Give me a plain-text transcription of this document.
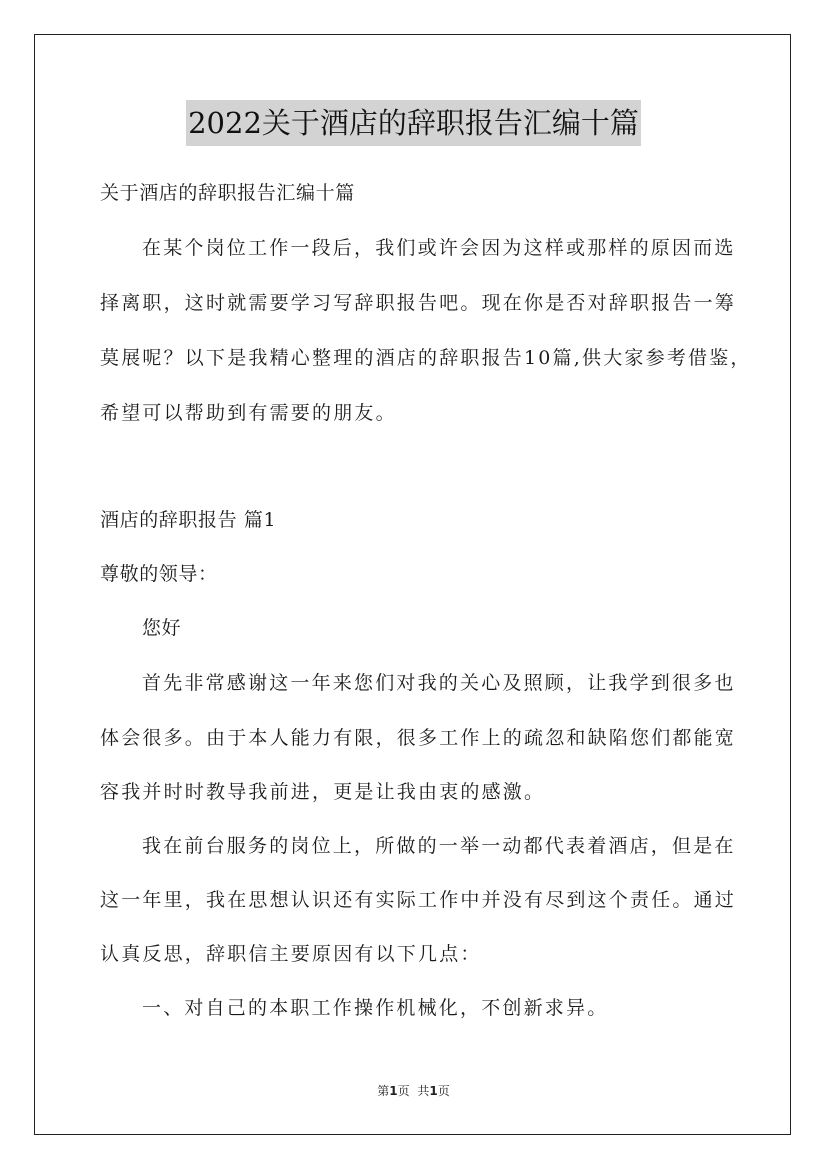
2022关于酒店的辞职报告汇编十篇
关于酒店的辞职报告汇编十篇
在某个岗位工作一段后，我们或许会因为这样或那样的原因而选
择离职，这时就需要学习写辞职报告吧。现在你是否对辞职报告一筹
莫展呢？以下是我精心整理的酒店的辞职报告10篇,供大家参考借鉴，
希望可以帮助到有需要的朋友。
酒店的辞职报告 篇1
尊敬的领导：
您好
首先非常感谢这一年来您们对我的关心及照顾，让我学到很多也
体会很多。由于本人能力有限，很多工作上的疏忽和缺陷您们都能宽
容我并时时教导我前进，更是让我由衷的感激。
我在前台服务的岗位上，所做的一举一动都代表着酒店，但是在
这一年里，我在思想认识还有实际工作中并没有尽到这个责任。通过
认真反思，辞职信主要原因有以下几点：
一、对自己的本职工作操作机械化，不创新求异。
第1页 共1页
